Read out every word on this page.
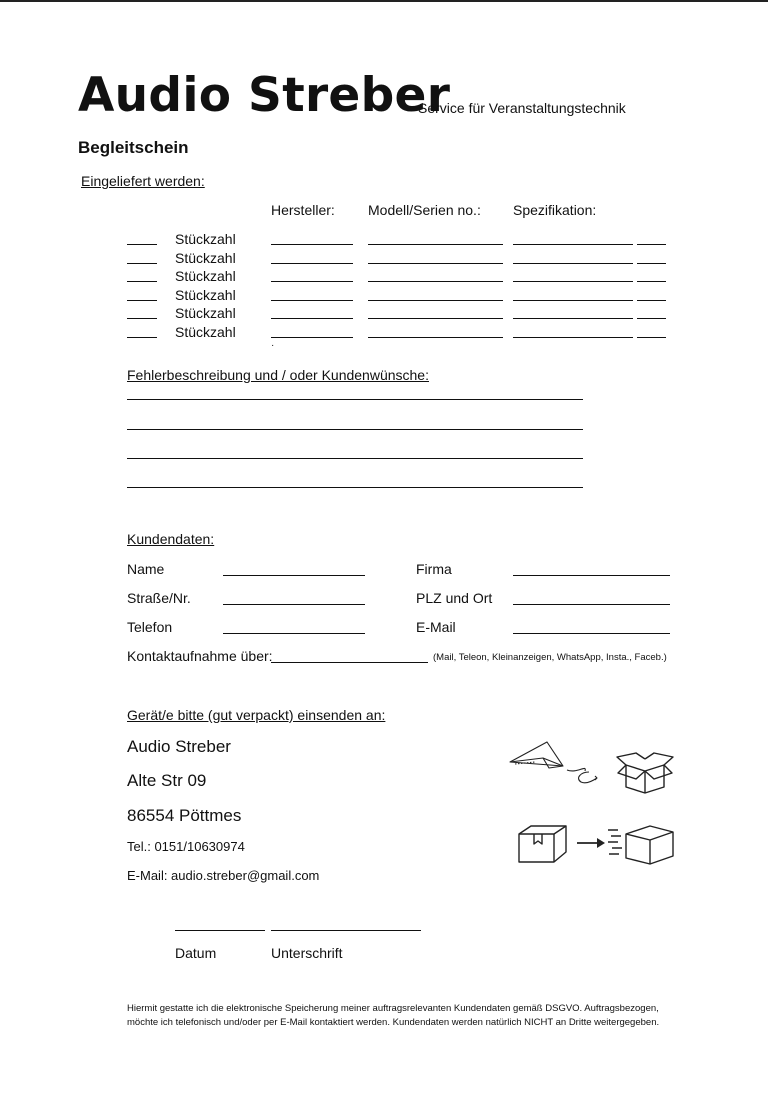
Audio Streber
Service für Veranstaltungstechnik
Begleitschein
Eingeliefert werden:
Hersteller: Modell/Serien no.: Spezifikation:
Stückzahl
Stückzahl
Stückzahl
Stückzahl
Stückzahl
Stückzahl
·
Fehlerbeschreibung und / oder Kundenwünsche:
Kundendaten:
Name	Firma
Straße/Nr.	PLZ und Ort
Telefon	E-Mail
Kontaktaufnahme über:	(Mail, Teleon, Kleinanzeigen, WhatsApp, Insta., Faceb.)
Gerät/e bitte (gut verpackt) einsenden an:
Audio Streber
Alte Str 09
86554 Pöttmes
Tel.: 0151/10630974
E-Mail: audio.streber@gmail.com
Datum	Unterschrift
Hiermit gestatte ich die elektronische Speicherung meiner auftragsrelevanten Kundendaten gemäß DSGVO. Auftragsbezogen,
möchte ich telefonisch und/oder per E-Mail kontaktiert werden. Kundendaten werden natürlich NICHT an Dritte weitergegeben.
